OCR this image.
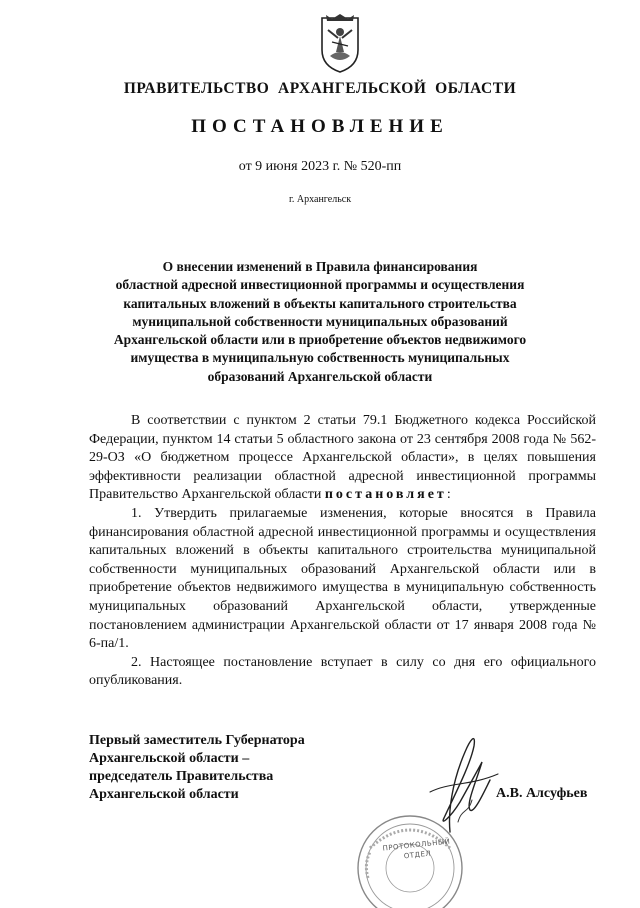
ПРАВИТЕЛЬСТВО  АРХАНГЕЛЬСКОЙ  ОБЛАСТИ
ПОСТАНОВЛЕНИЕ
от 9 июня 2023 г. № 520-пп
г. Архангельск
О внесении изменений в Правила финансирования
областной адресной инвестиционной программы и осуществления
капитальных вложений в объекты капитального строительства
муниципальной собственности муниципальных образований
Архангельской области или в приобретение объектов недвижимого
имущества в муниципальную собственность муниципальных
образований Архангельской области

В соответствии с пунктом 2 статьи 79.1 Бюджетного кодекса Российской Федерации, пунктом 14 статьи 5 областного закона от 23 сентября 2008 года № 562-29-ОЗ «О бюджетном процессе Архангельской области», в целях повышения эффективности реализации областной адресной инвестиционной программы Правительство Архангельской области постановляет:

1. Утвердить прилагаемые изменения, которые вносятся в Правила финансирования областной адресной инвестиционной программы и осуществления капитальных вложений в объекты капитального строительства муниципальной собственности муниципальных образований Архангельской области или в приобретение объектов недвижимого имущества в муниципальную собственность муниципальных образований Архангельской области, утвержденные постановлением администрации Архангельской области от 17 января 2008 года № 6-па/1.

2. Настоящее постановление вступает в силу со дня его официального опубликования.

Первый заместитель Губернатора
Архангельской области –
председатель Правительства
Архангельской области	А.В. Алсуфьев
ПРОТОКОЛЬНЫЙ
ОТДЕЛ
